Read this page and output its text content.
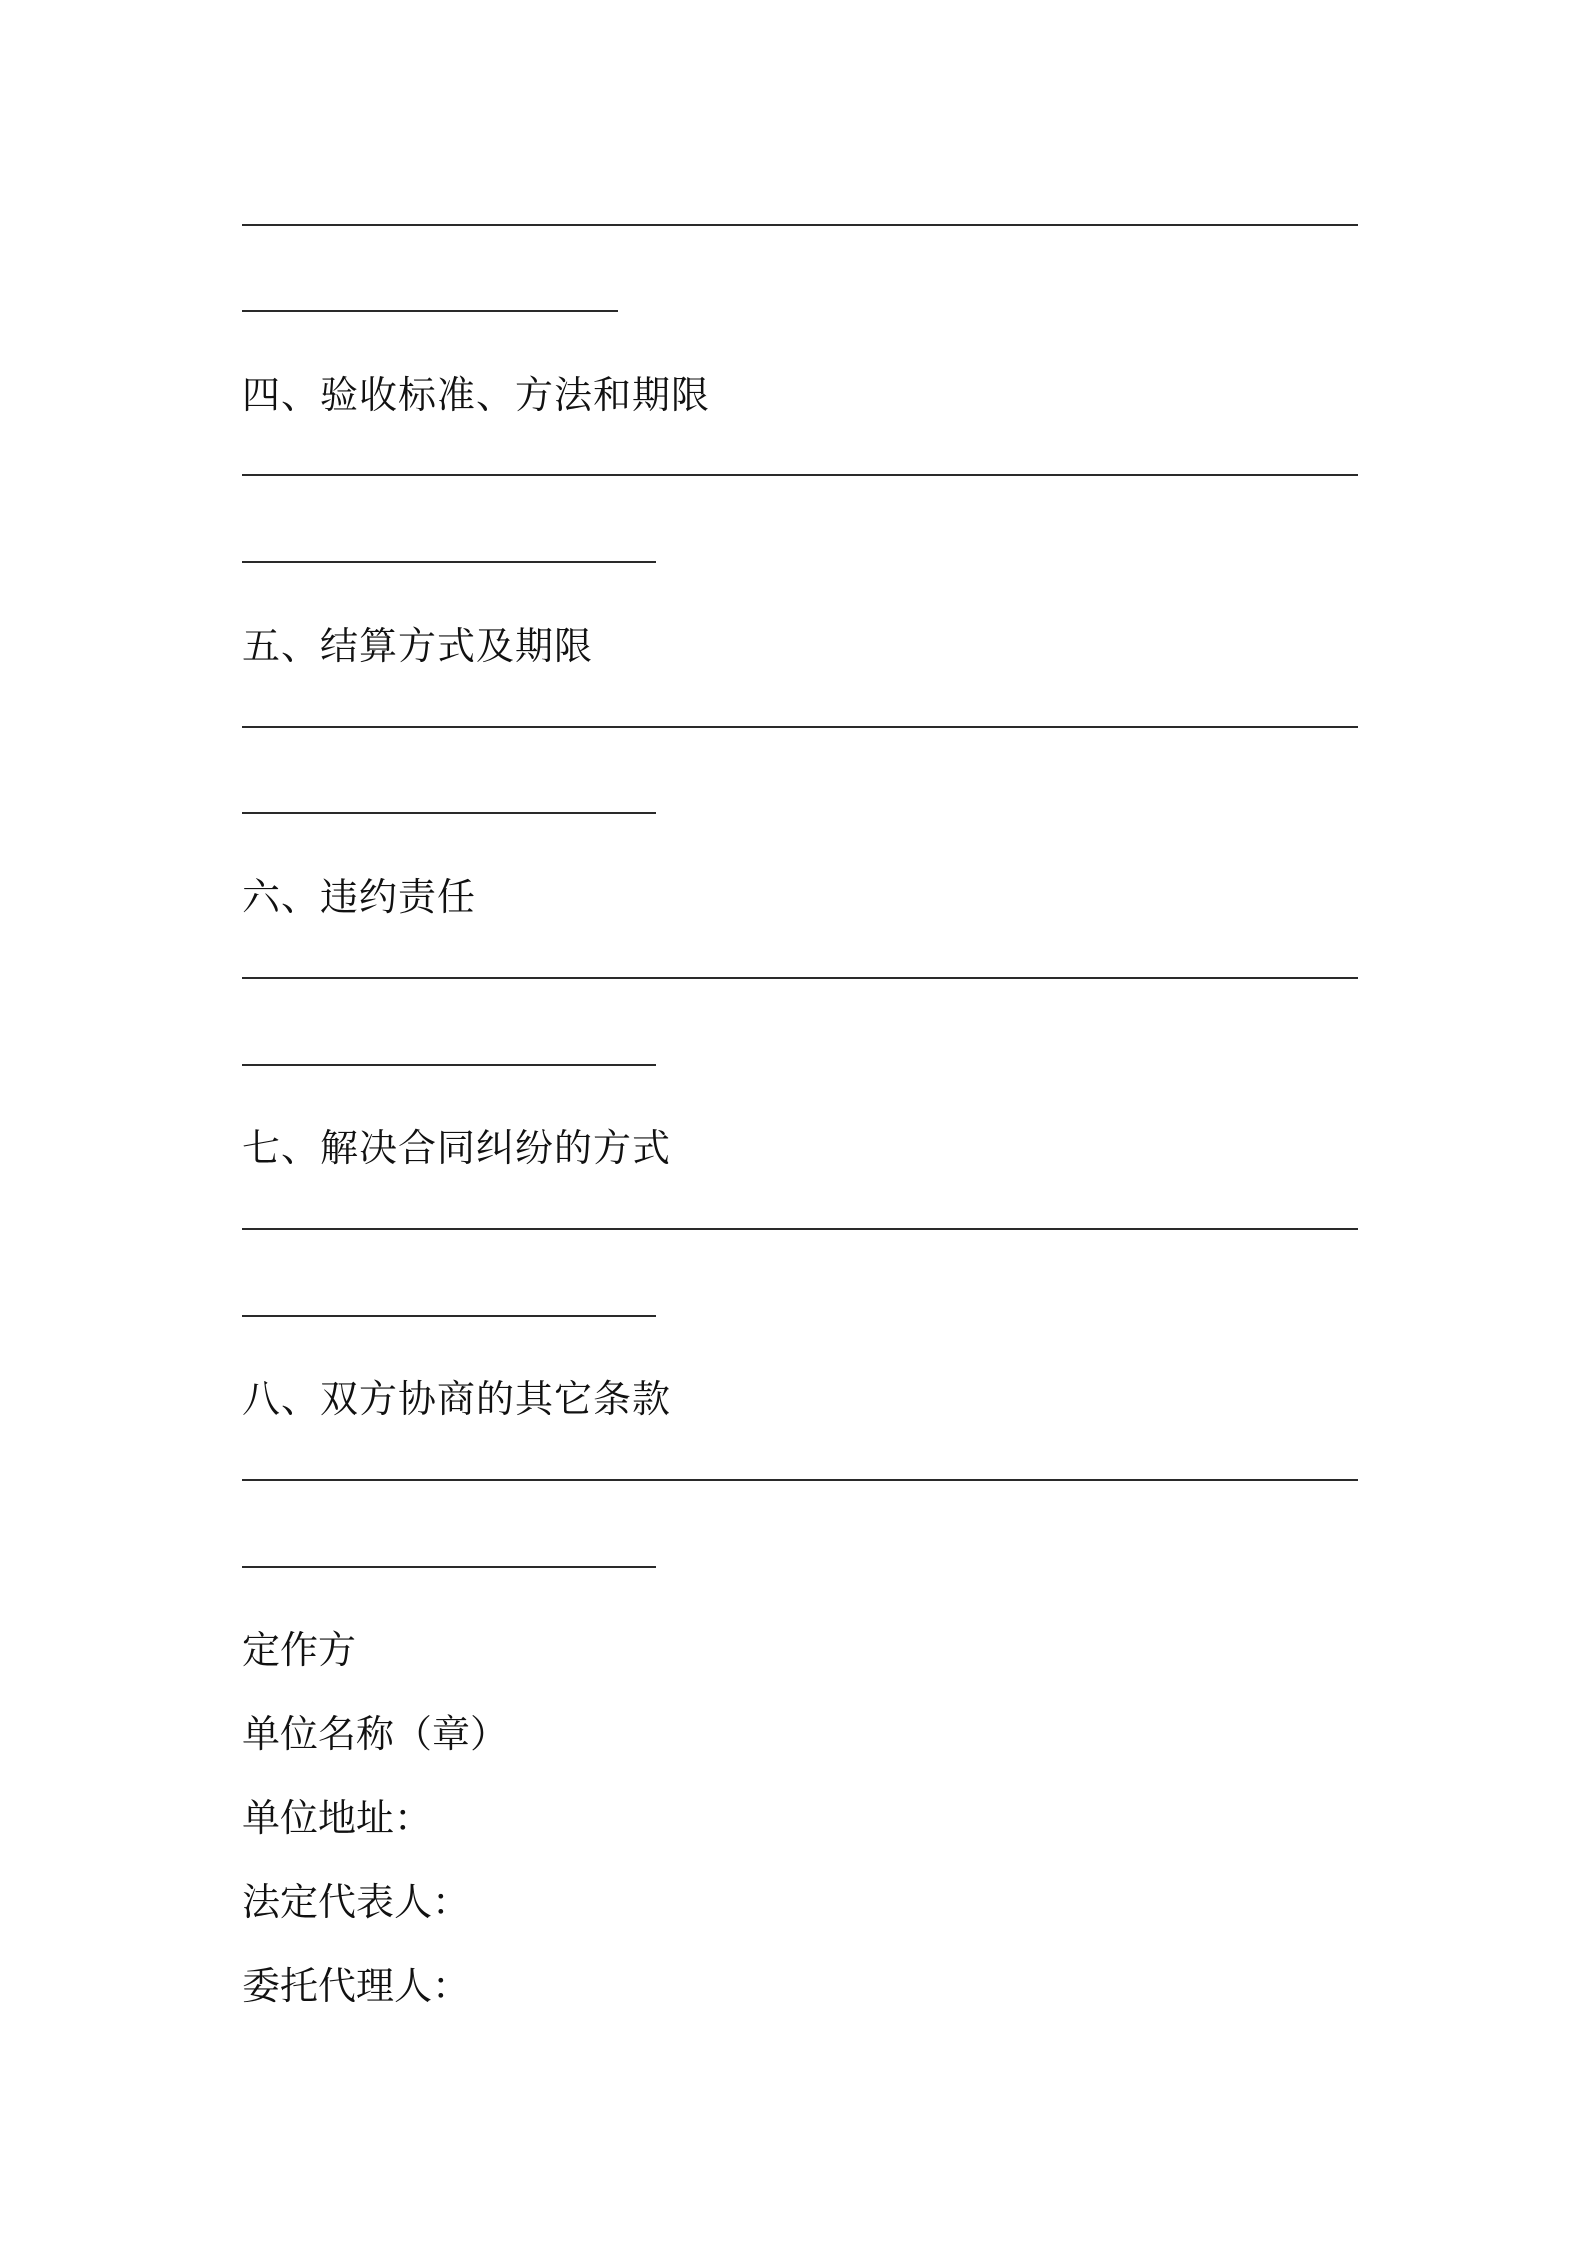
四、验收标准、方法和期限
五、结算方式及期限
六、违约责任
七、解决合同纠纷的方式
八、双方协商的其它条款
定作方
单位名称（章）
单位地址：
法定代表人：
委托代理人：
